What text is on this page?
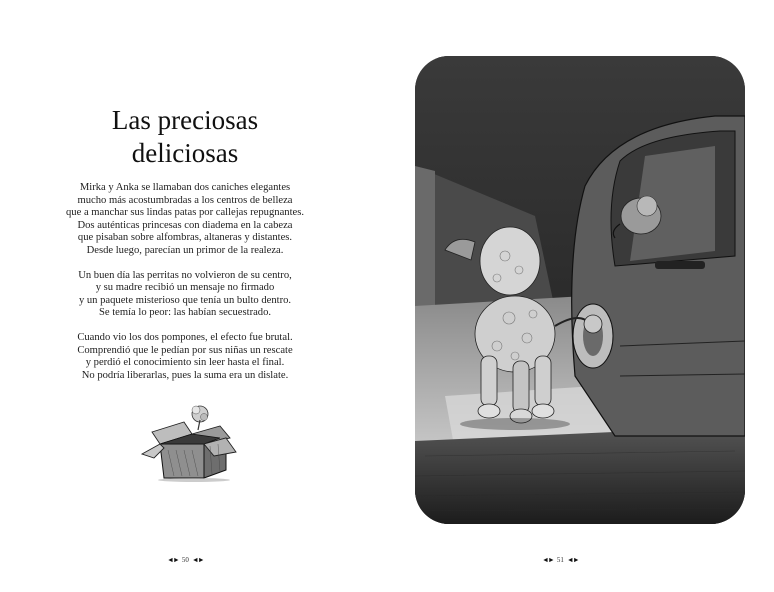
Las preciosas
deliciosas

Mirka y Anka se llamaban dos caniches elegantes
mucho más acostumbradas a los centros de belleza
que a manchar sus lindas patas por callejas repugnantes.
Dos auténticas princesas con diadema en la cabeza
que pisaban sobre alfombras, altaneras y distantes.
Desde luego, parecían un primor de la realeza.

Un buen día las perritas no volvieron de su centro,
y su madre recibió un mensaje no firmado
y un paquete misterioso que tenía un bulto dentro.
Se temía lo peor: las habían secuestrado.

Cuando vio los dos pompones, el efecto fue brutal.
Comprendió que le pedían por sus niñas un rescate
y perdió el conocimiento sin leer hasta el final.
No podría liberarlas, pues la suma era un dislate.

◄► 50 ◄►	◄► 51 ◄►
